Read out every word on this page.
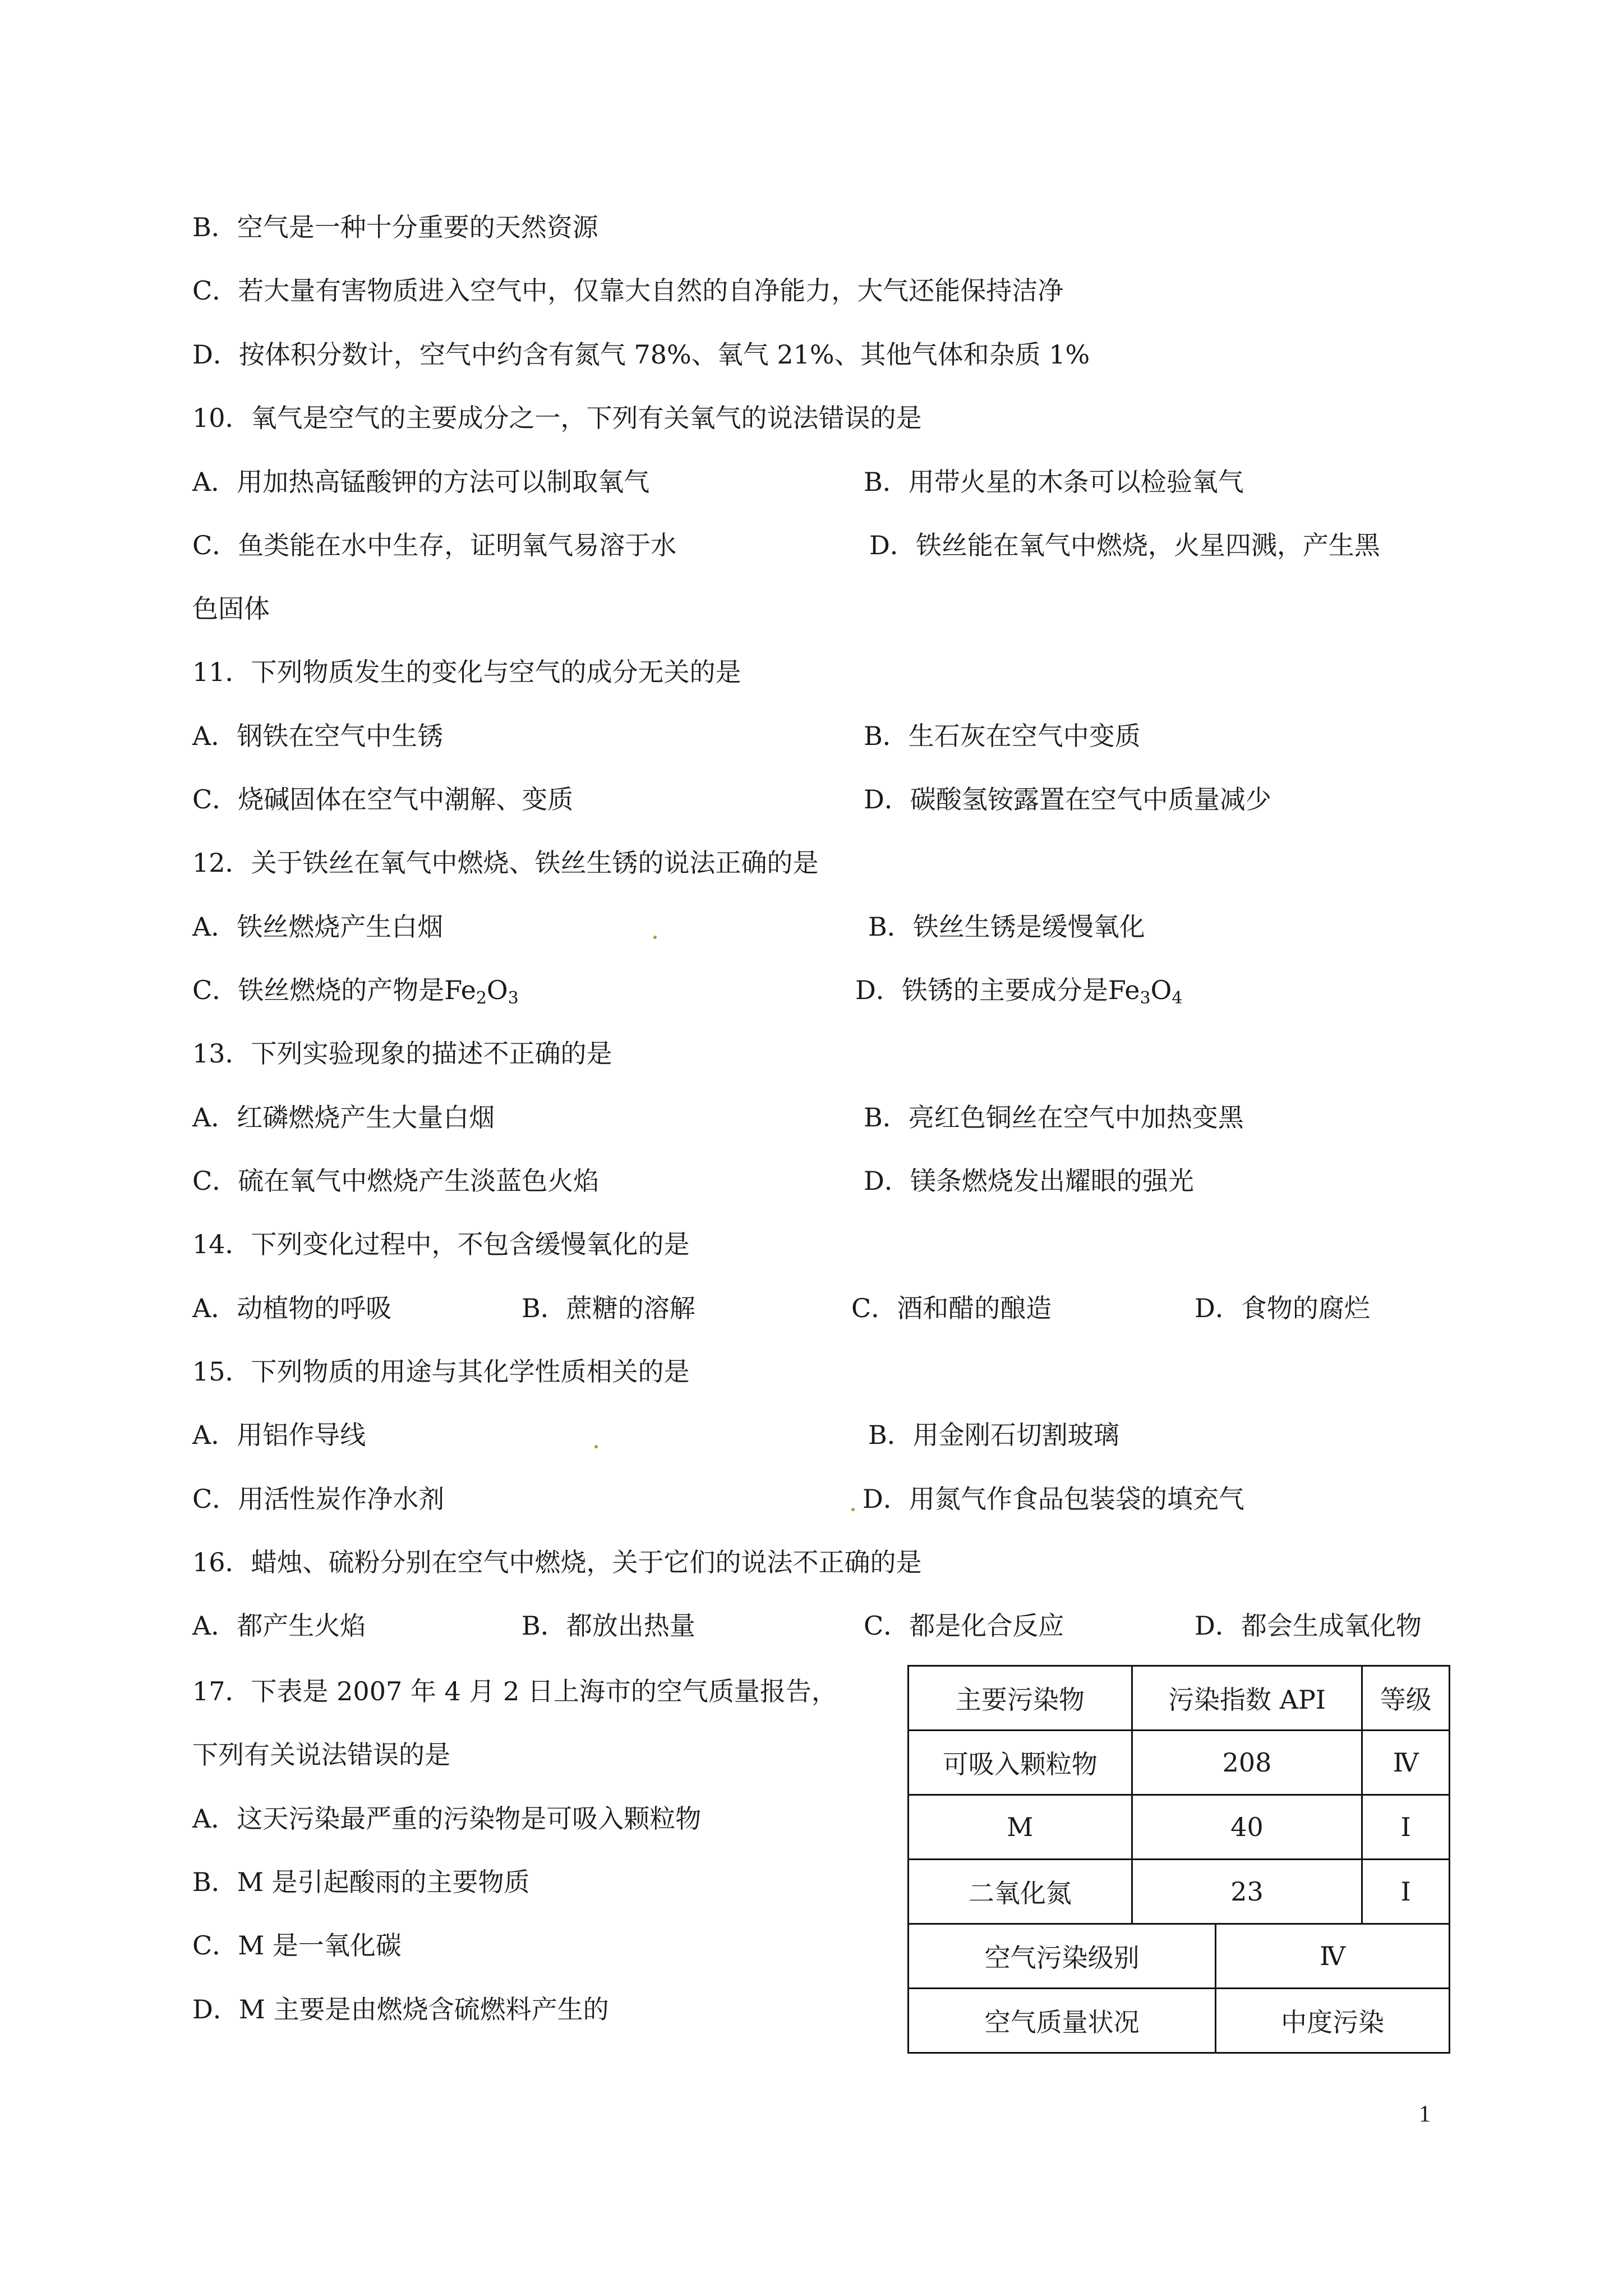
B．空气是一种十分重要的天然资源
C．若大量有害物质进入空气中，仅靠大自然的自净能力，大气还能保持洁净
D．按体积分数计，空气中约含有氮气 78%、氧气 21%、其他气体和杂质 1%
10．氧气是空气的主要成分之一，下列有关氧气的说法错误的是
A．用加热高锰酸钾的方法可以制取氧气	B．用带火星的木条可以检验氧气
C．鱼类能在水中生存，证明氧气易溶于水	D．铁丝能在氧气中燃烧，火星四溅，产生黑
色固体
11．下列物质发生的变化与空气的成分无关的是
A．钢铁在空气中生锈	B．生石灰在空气中变质
C．烧碱固体在空气中潮解、变质	D．碳酸氢铵露置在空气中质量减少
12．关于铁丝在氧气中燃烧、铁丝生锈的说法正确的是
A．铁丝燃烧产生白烟	B．铁丝生锈是缓慢氧化
C．铁丝燃烧的产物是$Fe_2O_3$	D．铁锈的主要成分是$Fe_3O_4$
13．下列实验现象的描述不正确的是
A．红磷燃烧产生大量白烟	B．亮红色铜丝在空气中加热变黑
C．硫在氧气中燃烧产生淡蓝色火焰	D．镁条燃烧发出耀眼的强光
14．下列变化过程中，不包含缓慢氧化的是
A．动植物的呼吸	B．蔗糖的溶解	C．酒和醋的酿造	D．食物的腐烂
15．下列物质的用途与其化学性质相关的是
A．用铝作导线	B．用金刚石切割玻璃
C．用活性炭作净水剂	D．用氮气作食品包装袋的填充气
16．蜡烛、硫粉分别在空气中燃烧，关于它们的说法不正确的是
A．都产生火焰	B．都放出热量	C．都是化合反应	D．都会生成氧化物
17．下表是 2007 年 4 月 2 日上海市的空气质量报告，
下列有关说法错误的是
A．这天污染最严重的污染物是可吸入颗粒物
B．M 是引起酸雨的主要物质
C．M 是一氧化碳
D．M 主要是由燃烧含硫燃料产生的
主要污染物	污染指数 API		等级
可吸入颗粒物	208		Ⅳ
M	40		Ⅰ
二氧化氮	23		Ⅰ
空气污染级别		Ⅳ	
空气质量状况		中度污染	
1
